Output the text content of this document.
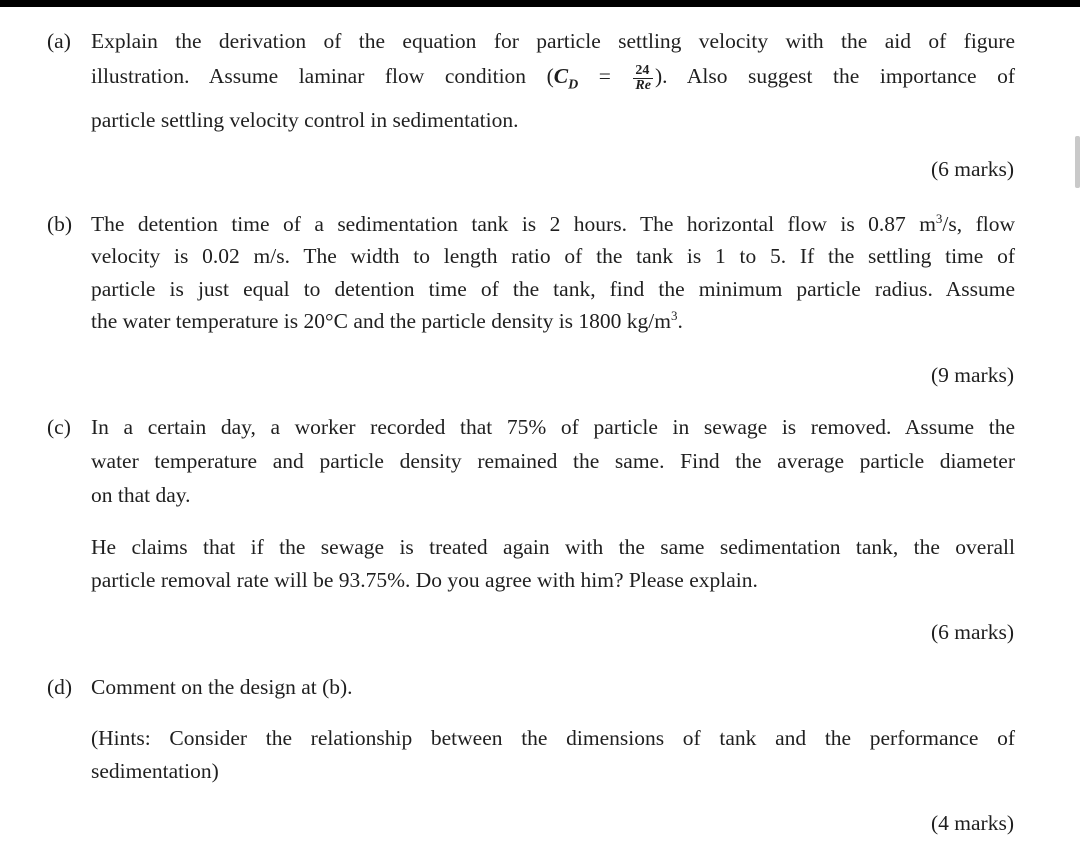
(a) Explain the derivation of the equation for particle settling velocity with the aid of figure
illustration. Assume laminar flow condition ($C_D = \frac{24}{Re}$ ). Also suggest the importance of
particle settling velocity control in sedimentation.
(6 marks)
(b) The detention time of a sedimentation tank is 2 hours. The horizontal flow is 0.87 $m^3/s$, flow
velocity is 0.02 m/s. The width to length ratio of the tank is 1 to 5. If the settling time of
particle is just equal to detention time of the tank, find the minimum particle radius. Assume
the water temperature is 20°C and the particle density is 1800 $kg/m^3$.
(9 marks)
(c) In a certain day, a worker recorded that 75% of particle in sewage is removed. Assume the
water temperature and particle density remained the same. Find the average particle diameter
on that day.
He claims that if the sewage is treated again with the same sedimentation tank, the overall
particle removal rate will be 93.75%. Do you agree with him? Please explain.
(6 marks)
(d) Comment on the design at (b).
(Hints: Consider the relationship between the dimensions of tank and the performance of
sedimentation)
(4 marks)
